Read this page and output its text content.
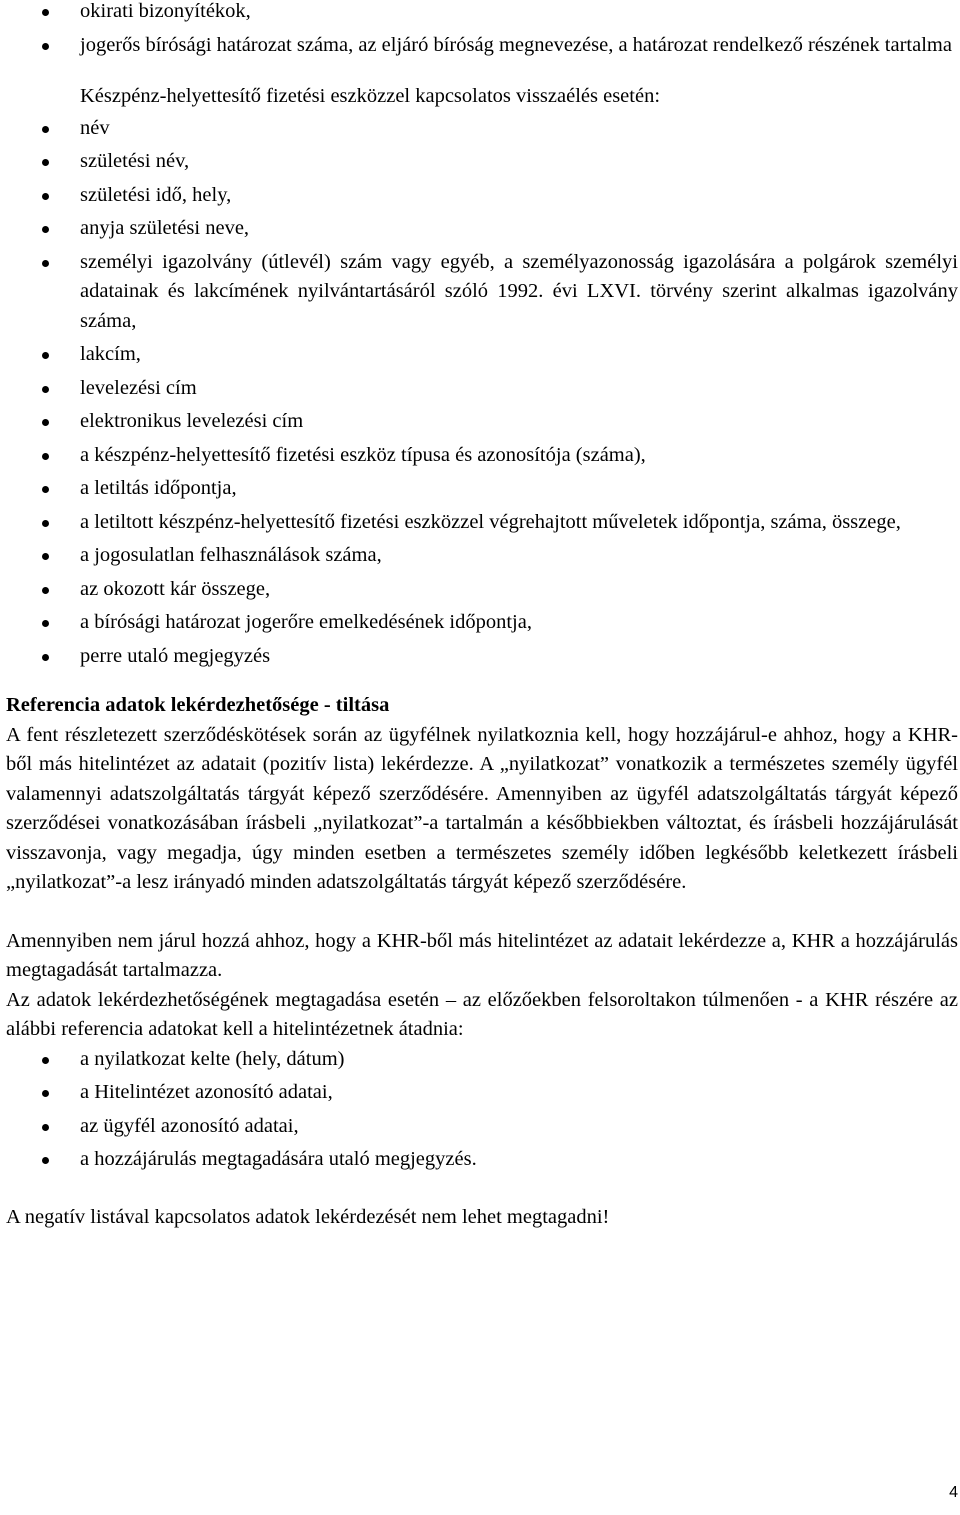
okirati bizonyítékok,
jogerős bírósági határozat száma, az eljáró bíróság megnevezése, a határozat rendelkező részének tartalma
Készpénz-helyettesítő fizetési eszközzel kapcsolatos visszaélés esetén:
név
születési név,
születési idő, hely,
anyja születési neve,
személyi igazolvány (útlevél) szám vagy egyéb, a személyazonosság igazolására a polgárok személyi adatainak és lakcímének nyilvántartásáról szóló 1992. évi LXVI. törvény szerint alkalmas igazolvány száma,
lakcím,
levelezési cím
elektronikus levelezési cím
a készpénz-helyettesítő fizetési eszköz típusa és azonosítója (száma),
a letiltás időpontja,
a letiltott készpénz-helyettesítő fizetési eszközzel végrehajtott műveletek időpontja, száma, összege,
a jogosulatlan felhasználások száma,
az okozott kár összege,
a bírósági határozat jogerőre emelkedésének időpontja,
perre utaló megjegyzés
Referencia adatok lekérdezhetősége - tiltása

A fent részletezett szerződéskötések során az ügyfélnek nyilatkoznia kell, hogy hozzájárul-e ahhoz, hogy a KHR-ből más hitelintézet az adatait (pozitív lista) lekérdezze. A „nyilatkozat” vonatkozik a természetes személy ügyfél valamennyi adatszolgáltatás tárgyát képező szerződésére. Amennyiben az ügyfél adatszolgáltatás tárgyát képező szerződései vonatkozásában írásbeli „nyilatkozat”-a tartalmán a későbbiekben változtat, és írásbeli hozzájárulását visszavonja, vagy megadja, úgy minden esetben a természetes személy időben legkésőbb keletkezett írásbeli „nyilatkozat”-a lesz irányadó minden adatszolgáltatás tárgyát képező szerződésére.

Amennyiben nem járul hozzá ahhoz, hogy a KHR-ből más hitelintézet az adatait lekérdezze a, KHR a hozzájárulás megtagadását tartalmazza.

Az adatok lekérdezhetőségének megtagadása esetén – az előzőekben felsoroltakon túlmenően - a KHR részére az alábbi referencia adatokat kell a hitelintézetnek átadnia:

a nyilatkozat kelte (hely, dátum)
a Hitelintézet azonosító adatai,
az ügyfél azonosító adatai,
a hozzájárulás megtagadására utaló megjegyzés.

A negatív listával kapcsolatos adatok lekérdezését nem lehet megtagadni!

4
